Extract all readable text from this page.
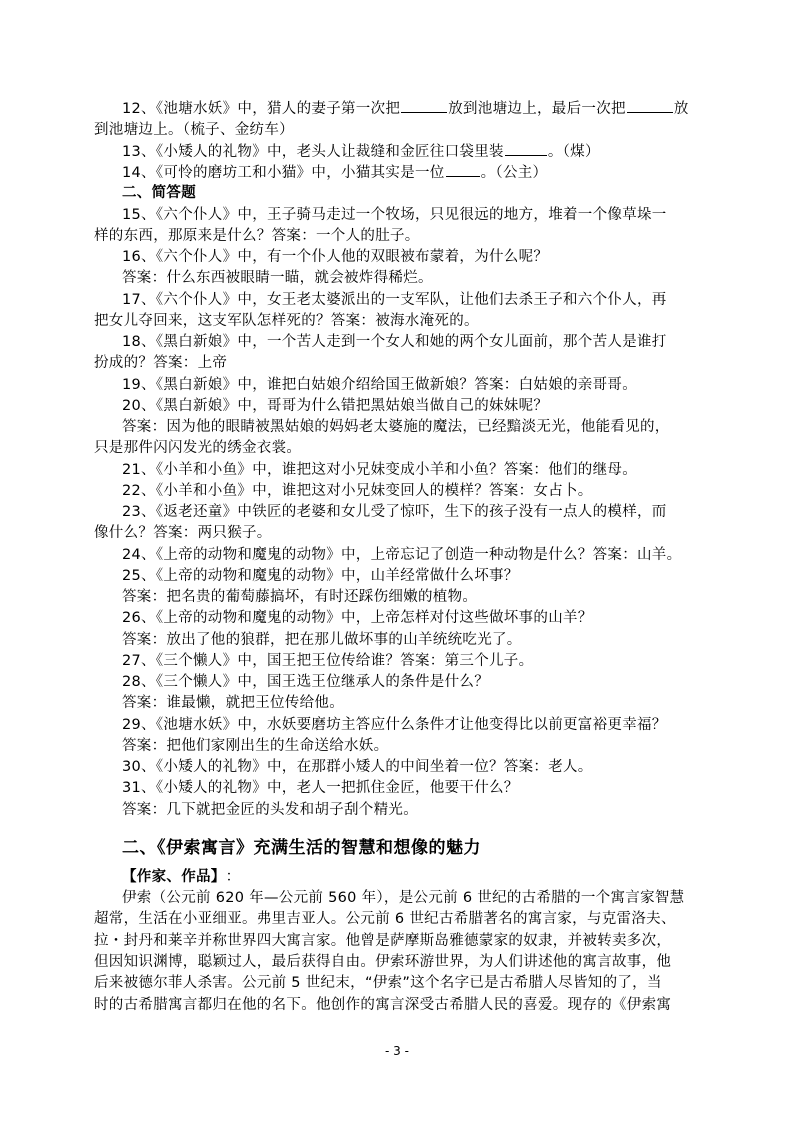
12、《池塘水妖》中，猎人的妻子第一次把	放到池塘边上，最后一次把	放
到池塘边上。（梳子、金纺车）
13、《小矮人的礼物》中，老头人让裁缝和金匠往口袋里装	。（煤）
14、《可怜的磨坊工和小猫》中，小猫其实是一位 。（公主）
二、简答题
15、《六个仆人》中，王子骑马走过一个牧场，只见很远的地方，堆着一个像草垛一
样的东西，那原来是什么？答案：一个人的肚子。
16、《六个仆人》中，有一个仆人他的双眼被布蒙着，为什么呢？
答案：什么东西被眼睛一瞄，就会被炸得稀烂。
17、《六个仆人》中，女王老太婆派出的一支军队，让他们去杀王子和六个仆人，再
把女儿夺回来，这支军队怎样死的？答案：被海水淹死的。
18、《黑白新娘》中，一个苦人走到一个女人和她的两个女儿面前，那个苦人是谁打
扮成的？答案：上帝
19、《黑白新娘》中，谁把白姑娘介绍给国王做新娘？答案：白姑娘的亲哥哥。
20、《黑白新娘》中，哥哥为什么错把黑姑娘当做自己的妹妹呢？
答案：因为他的眼睛被黑姑娘的妈妈老太婆施的魔法，已经黯淡无光，他能看见的，
只是那件闪闪发光的绣金衣裳。
21、《小羊和小鱼》中，谁把这对小兄妹变成小羊和小鱼？答案：他们的继母。
22、《小羊和小鱼》中，谁把这对小兄妹变回人的模样？答案：女占卜。
23、《返老还童》中铁匠的老婆和女儿受了惊吓，生下的孩子没有一点人的模样，而
像什么？答案：两只猴子。
24、《上帝的动物和魔鬼的动物》中，上帝忘记了创造一种动物是什么？答案：山羊。
25、《上帝的动物和魔鬼的动物》中，山羊经常做什么坏事？
答案：把名贵的葡萄藤搞坏，有时还踩伤细嫩的植物。
26、《上帝的动物和魔鬼的动物》中，上帝怎样对付这些做坏事的山羊？
答案：放出了他的狼群，把在那儿做坏事的山羊统统吃光了。
27、《三个懒人》中，国王把王位传给谁？答案：第三个儿子。
28、《三个懒人》中，国王选王位继承人的条件是什么？
答案：谁最懒，就把王位传给他。
29、《池塘水妖》中，水妖要磨坊主答应什么条件才让他变得比以前更富裕更幸福？
答案：把他们家刚出生的生命送给水妖。
30、《小矮人的礼物》中，在那群小矮人的中间坐着一位？答案：老人。
31、《小矮人的礼物》中，老人一把抓住金匠，他要干什么？
答案：几下就把金匠的头发和胡子刮个精光。
二、《伊索寓言》充满生活的智慧和想像的魅力
【作家、作品】：
伊索（公元前 620 年—公元前 560 年），是公元前 6 世纪的古希腊的一个寓言家智慧
超常，生活在小亚细亚。弗里吉亚人。公元前 6 世纪古希腊著名的寓言家，与克雷洛夫、
拉・封丹和莱辛并称世界四大寓言家。他曾是萨摩斯岛雅德蒙家的奴隶，并被转卖多次，
但因知识渊博，聪颖过人，最后获得自由。伊索环游世界，为人们讲述他的寓言故事，他
后来被德尔菲人杀害。公元前 5 世纪末，“伊索”这个名字已是古希腊人尽皆知的了，当
时的古希腊寓言都归在他的名下。他创作的寓言深受古希腊人民的喜爱。现存的《伊索寓
- 3 -
